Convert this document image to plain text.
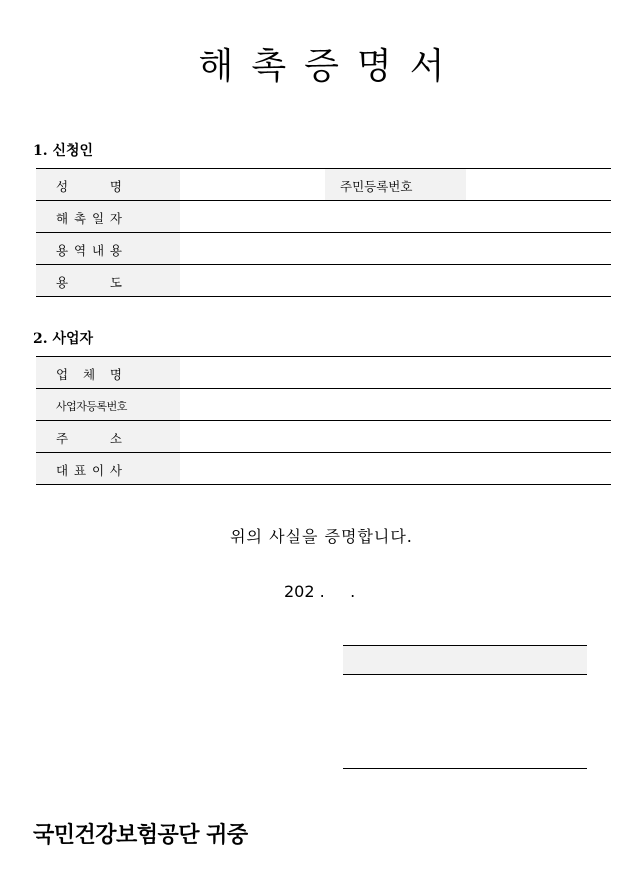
해촉증명서
1. 신청인
성 명	주민등록번호
해 촉 일 자
용 역 내 용
용 도
2. 사업자
업 체 명
사업자등록번호
주 소
대 표 이 사
위의 사실을 증명합니다.
202 .     .
국민건강보험공단 귀중
